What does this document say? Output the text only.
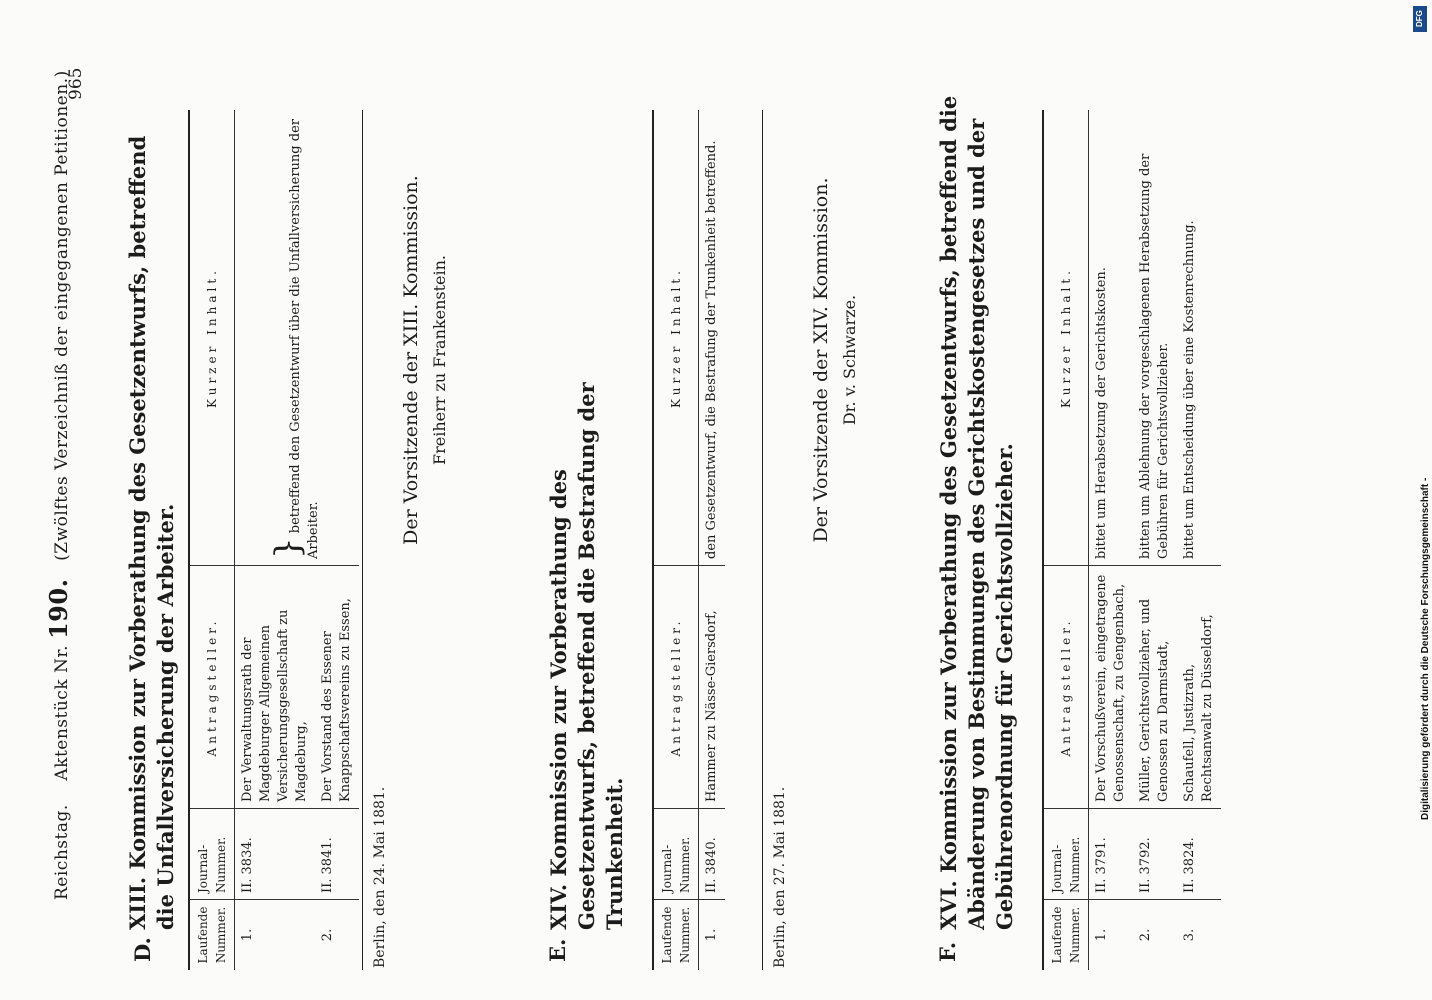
Reichstag.    Aktenstück Nr. 190.   (Zwölftes Verzeichniß der eingegangenen Petitionen.)
965
D.
XIII. Kommission zur Vorberathung des Gesetzentwurfs, betreffend die Unfallversicherung der Arbeiter.
Laufende Nummer.	Journal-Nummer.	Antragsteller.	Kurzer Inhalt.
1.	II. 3834.	Der Verwaltungsrath der Magdeburger Allgemeinen Versicherungsgesellschaft zu Magdeburg,	} betreffend den Gesetzentwurf über die Unfallversicherung der Arbeiter.
2.	II. 3841.	Der Vorstand des Essener Knappschaftsvereins zu Essen,	
Berlin, den 24. Mai 1881.
Der Vorsitzende der XIII. Kommission. Freiherr zu Frankenstein.
E.
XIV. Kommission zur Vorberathung des Gesetzentwurfs, betreffend die Bestrafung der Trunkenheit.
Laufende Nummer.	Journal-Nummer.	Antragsteller.	Kurzer Inhalt.
1.	II. 3840.	Hammer zu Nässe-Giersdorf,	den Gesetzentwurf, die Bestrafung der Trunkenheit betreffend.
Berlin, den 27. Mai 1881.
Der Vorsitzende der XIV. Kommission. Dr. v. Schwarze.
F.
XVI. Kommission zur Vorberathung des Gesetzentwurfs, betreffend die Abänderung von Bestimmungen des Gerichtskostengesetzes und der Gebührenordnung für Gerichtsvollzieher.
Laufende Nummer.	Journal-Nummer.	Antragsteller.	Kurzer Inhalt.
1.	II. 3791.	Der Vorschußverein, eingetragene Genossenschaft, zu Gengenbach,	bittet um Herabsetzung der Gerichtskosten.
2.	II. 3792.	Müller, Gerichtsvollzieher, und Genossen zu Darmstadt,	bitten um Ablehnung der vorgeschlagenen Herabsetzung der Gebühren für Gerichtsvollzieher.
3.	II. 3824.	Schaufell, Justizrath, Rechtsanwalt zu Düsseldorf,	bittet um Entscheidung über eine Kostenrechnung.
DFG
Digitalisierung gefördert durch die Deutsche Forschungsgemeinschaft -
